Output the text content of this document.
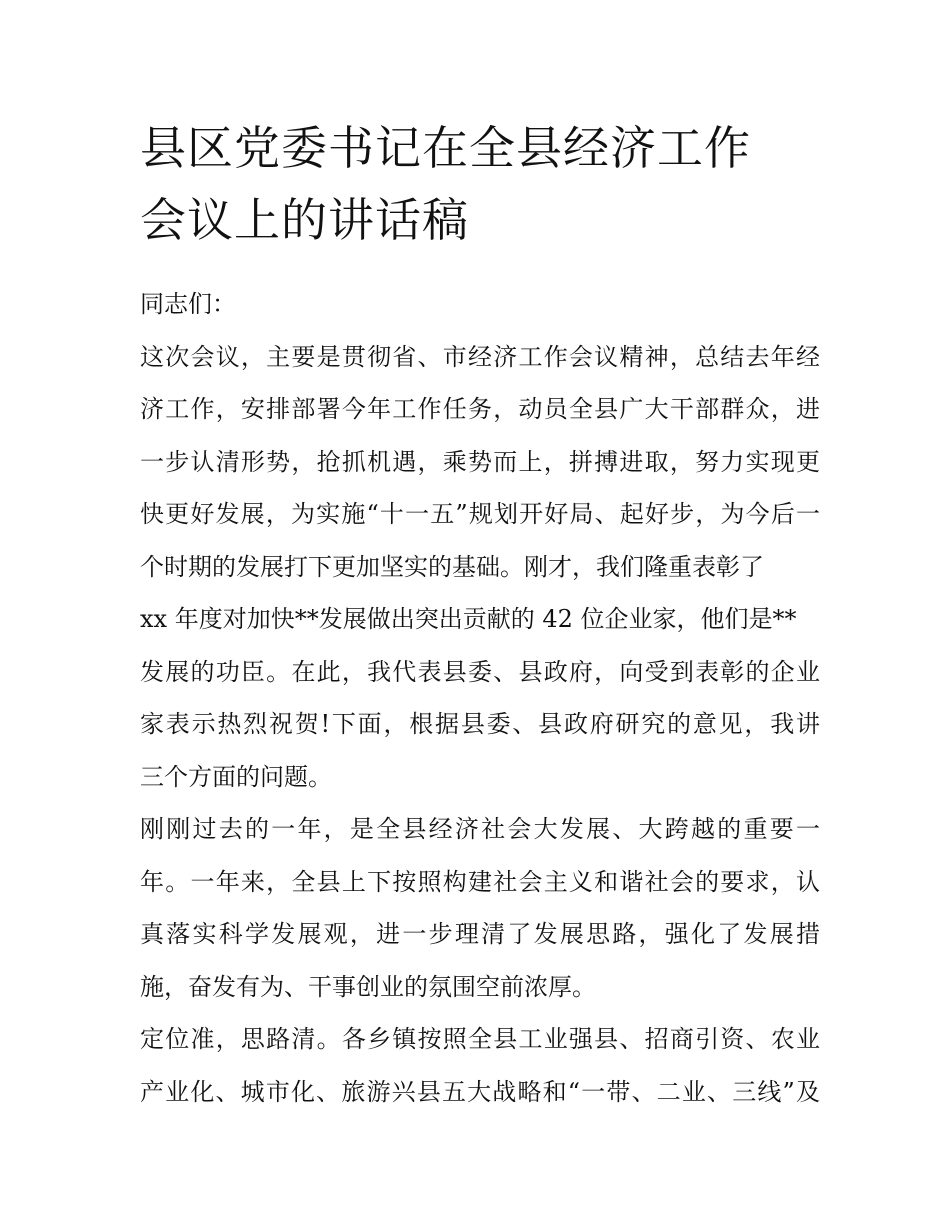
县区党委书记在全县经济工作
会议上的讲话稿
同志们：
这次会议，主要是贯彻省、市经济工作会议精神，总结去年经
济工作，安排部署今年工作任务，动员全县广大干部群众，进
一步认清形势，抢抓机遇，乘势而上，拼搏进取，努力实现更
快更好发展，为实施“十一五”规划开好局、起好步，为今后一
个时期的发展打下更加坚实的基础。刚才，我们隆重表彰了
xx 年度对加快**发展做出突出贡献的 42 位企业家，他们是**
发展的功臣。在此，我代表县委、县政府，向受到表彰的企业
家表示热烈祝贺!下面，根据县委、县政府研究的意见，我讲
三个方面的问题。
刚刚过去的一年，是全县经济社会大发展、大跨越的重要一
年。一年来，全县上下按照构建社会主义和谐社会的要求，认
真落实科学发展观，进一步理清了发展思路，强化了发展措
施，奋发有为、干事创业的氛围空前浓厚。
定位准，思路清。各乡镇按照全县工业强县、招商引资、农业
产业化、城市化、旅游兴县五大战略和“一带、二业、三线”及
